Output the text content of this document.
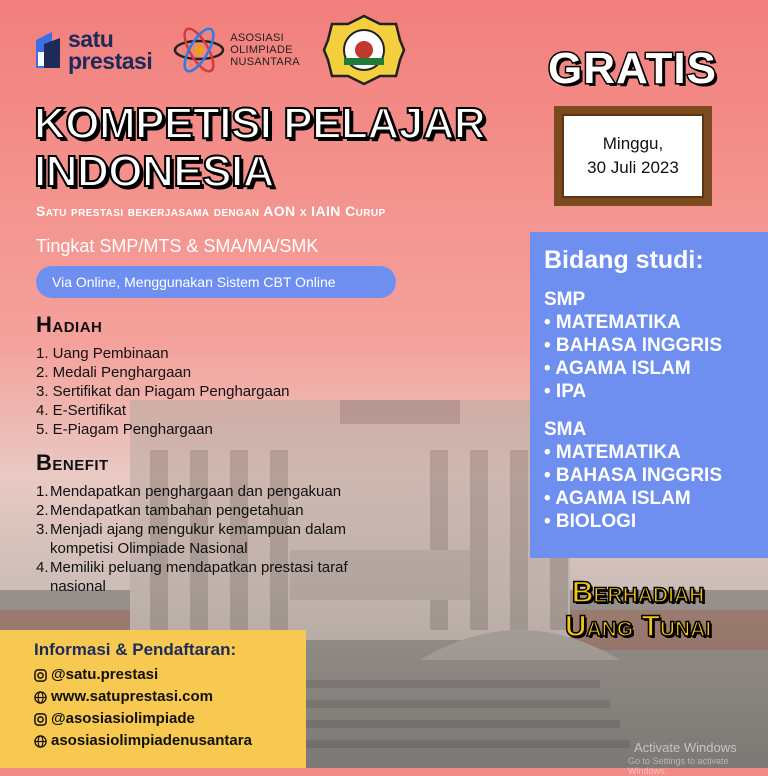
satu
prestasi
ASOSIASI
OLIMPIADE
NUSANTARA	GRATIS
Minggu,
30 Juli 2023
KOMPETISI PELAJAR
INDONESIA
Satu prestasi bekerjasama dengan AON x IAIN Curup
Tingkat SMP/MTS & SMA/MA/SMK
Via Online, Menggunakan Sistem CBT Online
Hadiah
1. Uang Pembinaan
2. Medali Penghargaan
3. Sertifikat dan Piagam Penghargaan
4. E-Sertifikat
5. E-Piagam Penghargaan
Benefit
1. Mendapatkan penghargaan dan pengakuan
2. Mendapatkan tambahan pengetahuan
3. Menjadi ajang mengukur kemampuan dalam kompetisi Olimpiade Nasional
4. Memiliki peluang mendapatkan prestasi taraf nasional
Bidang studi:
SMP
• MATEMATIKA
• BAHASA INGGRIS
• AGAMA ISLAM
• IPA
SMA
• MATEMATIKA
• BAHASA INGGRIS
• AGAMA ISLAM
• BIOLOGI
Berhadiah
Uang Tunai
Informasi & Pendaftaran:
@satu.prestasi
www.satuprestasi.com
@asosiasiolimpiade
asosiasiolimpiadenusantara	Activate Windows
Go to Settings to activate Windows.
